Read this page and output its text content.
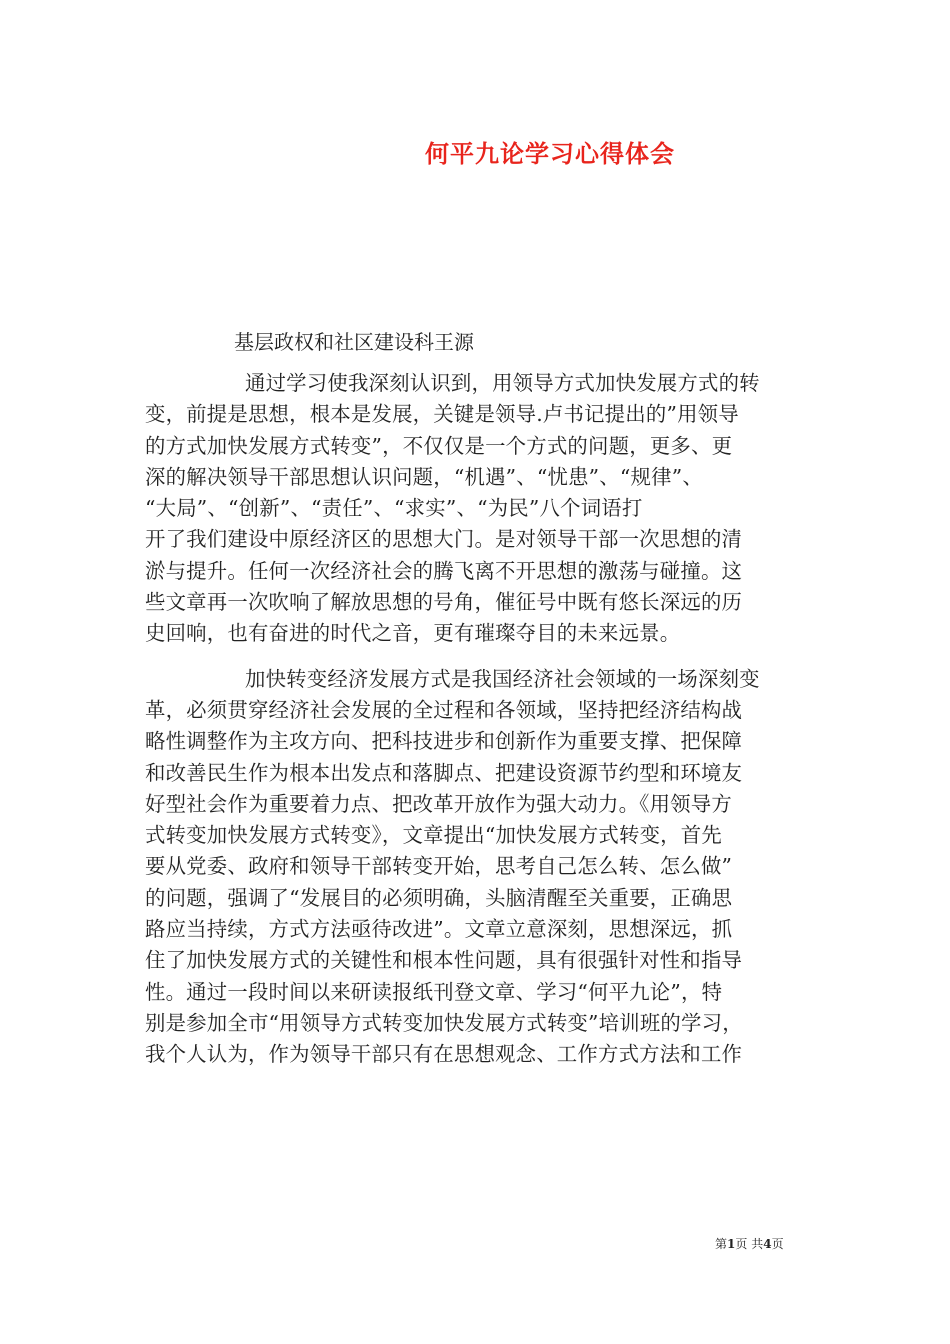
何平九论学习心得体会
基层政权和社区建设科王源

通过学习使我深刻认识到，用领导方式加快发展方式的转
变，前提是思想，根本是发展，关键是领导.卢书记提出的”用领导
的方式加快发展方式转变”，不仅仅是一个方式的问题，更多、更
深的解决领导干部思想认识问题，“机遇”、“忧患”、“规律”、
“大局”、“创新”、“责任”、“求实”、“为民”八个词语打
开了我们建设中原经济区的思想大门。是对领导干部一次思想的清
淤与提升。任何一次经济社会的腾飞离不开思想的激荡与碰撞。这
些文章再一次吹响了解放思想的号角，催征号中既有悠长深远的历
史回响，也有奋进的时代之音，更有璀璨夺目的未来远景。

加快转变经济发展方式是我国经济社会领域的一场深刻变
革，必须贯穿经济社会发展的全过程和各领域，坚持把经济结构战
略性调整作为主攻方向、把科技进步和创新作为重要支撑、把保障
和改善民生作为根本出发点和落脚点、把建设资源节约型和环境友
好型社会作为重要着力点、把改革开放作为强大动力。《用领导方
式转变加快发展方式转变》，文章提出“加快发展方式转变，首先
要从党委、政府和领导干部转变开始，思考自己怎么转、怎么做”
的问题，强调了“发展目的必须明确，头脑清醒至关重要，正确思
路应当持续，方式方法亟待改进”。文章立意深刻，思想深远，抓
住了加快发展方式的关键性和根本性问题，具有很强针对性和指导
性。通过一段时间以来研读报纸刊登文章、学习“何平九论”，特
别是参加全市“用领导方式转变加快发展方式转变”培训班的学习，
我个人认为，作为领导干部只有在思想观念、工作方式方法和工作

第1页 共4页
